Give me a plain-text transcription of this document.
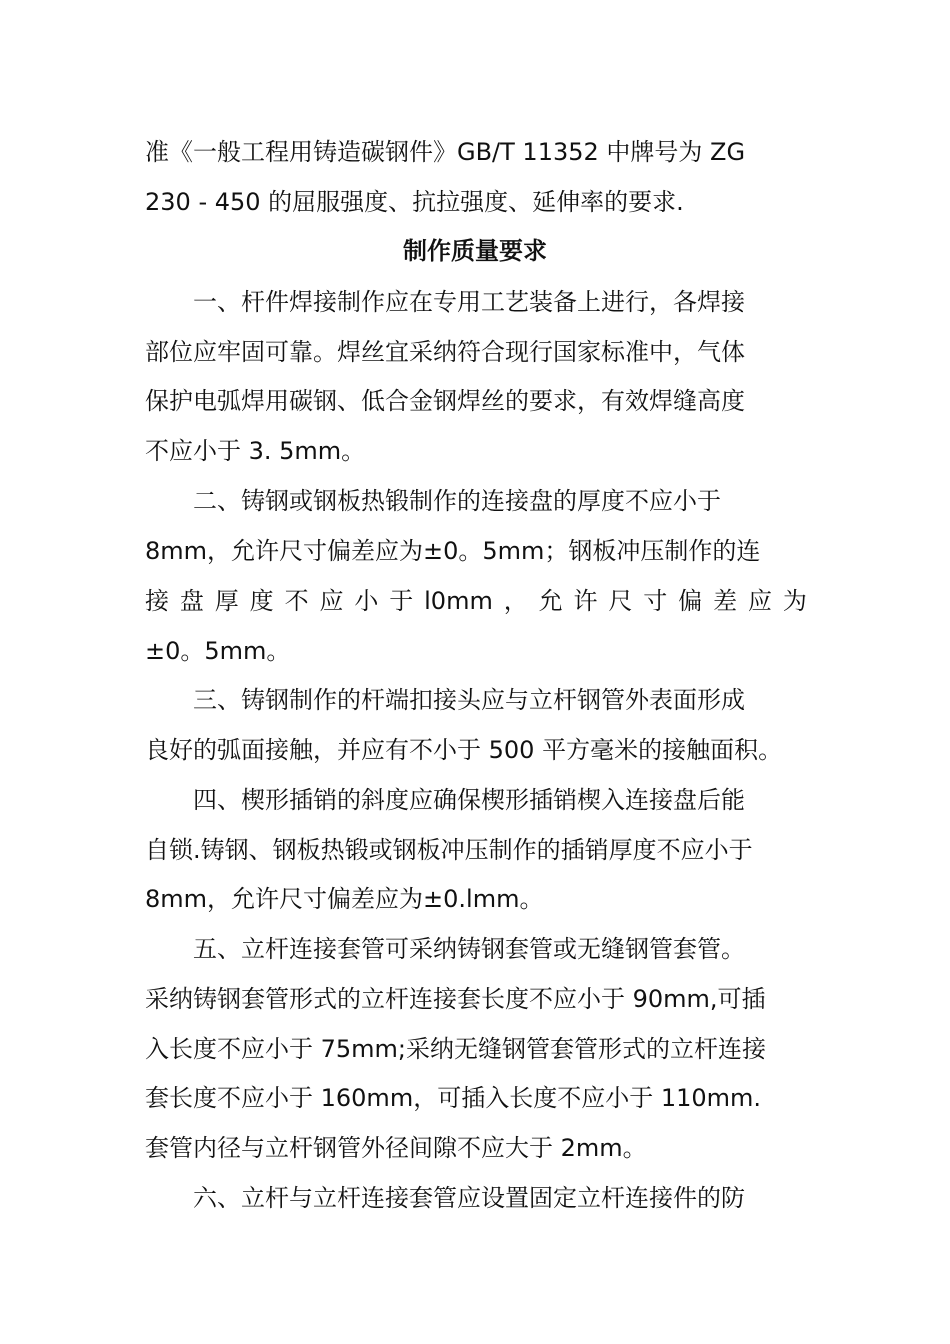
准《一般工程用铸造碳钢件》GB/T 11352 中牌号为 ZG
230 - 450 的屈服强度、抗拉强度、延伸率的要求.
制作质量要求
一、杆件焊接制作应在专用工艺装备上进行，各焊接
部位应牢固可靠。焊丝宜采纳符合现行国家标准中，气体
保护电弧焊用碳钢、低合金钢焊丝的要求，有效焊缝高度
不应小于 3. 5mm。
二、铸钢或钢板热锻制作的连接盘的厚度不应小于
8mm，允许尺寸偏差应为±0。5mm；钢板冲压制作的连
接 盘 厚 度 不 应 小 于 l0mm ， 允 许 尺 寸 偏 差 应 为
±0。5mm。
三、铸钢制作的杆端扣接头应与立杆钢管外表面形成
良好的弧面接触，并应有不小于 500 平方毫米的接触面积。
四、楔形插销的斜度应确保楔形插销楔入连接盘后能
自锁.铸钢、钢板热锻或钢板冲压制作的插销厚度不应小于
8mm，允许尺寸偏差应为±0.lmm。
五、立杆连接套管可采纳铸钢套管或无缝钢管套管。
采纳铸钢套管形式的立杆连接套长度不应小于 90mm,可插
入长度不应小于 75mm;采纳无缝钢管套管形式的立杆连接
套长度不应小于 160mm，可插入长度不应小于 110mm.
套管内径与立杆钢管外径间隙不应大于 2mm。
六、立杆与立杆连接套管应设置固定立杆连接件的防
